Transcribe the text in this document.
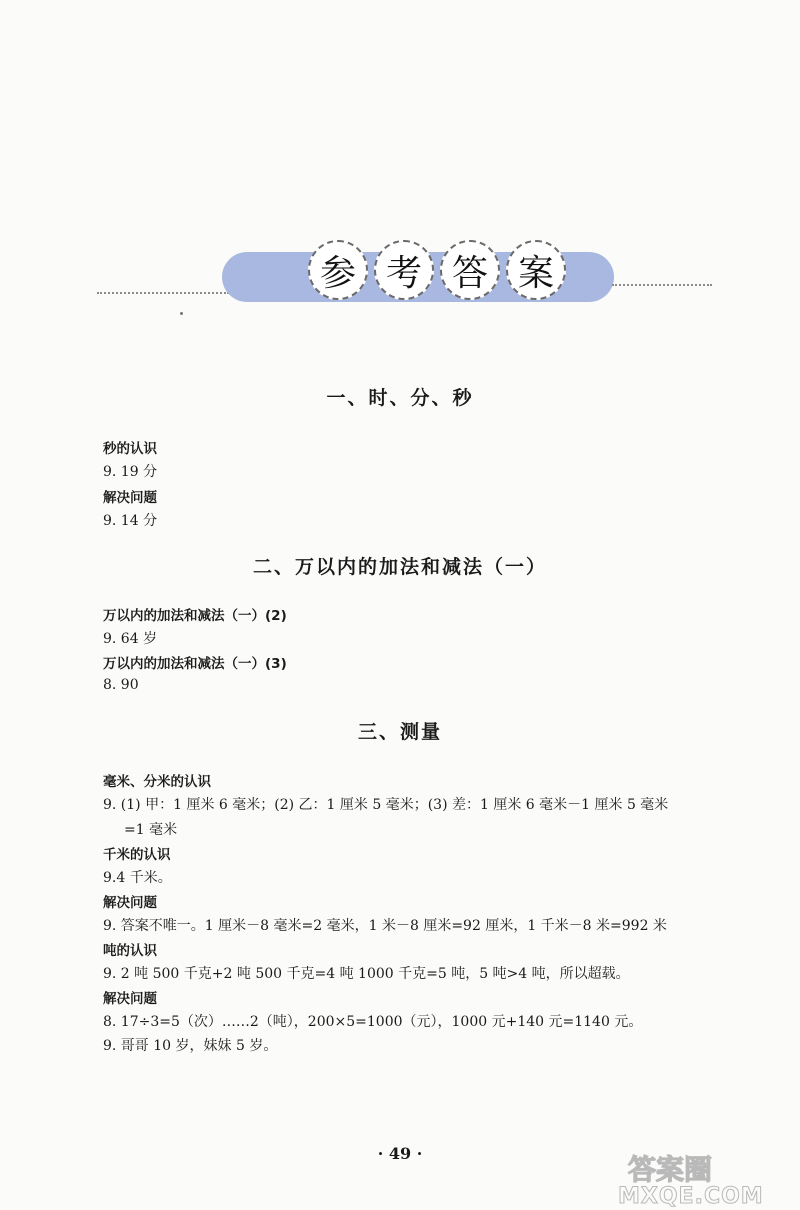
参 考 答 案
一、时、分、秒
秒的认识
9. 19 分
解决问题
9. 14 分
二、万以内的加法和减法（一）
万以内的加法和减法（一）(2)
9. 64 岁
万以内的加法和减法（一）(3)
8. 90
三、测量
毫米、分米的认识
9. (1) 甲：1 厘米 6 毫米；(2) 乙：1 厘米 5 毫米；(3) 差：1 厘米 6 毫米－1 厘米 5 毫米
=1 毫米
千米的认识
9.4 千米。
解决问题
9. 答案不唯一。1 厘米－8 毫米=2 毫米，1 米－8 厘米=92 厘米，1 千米－8 米=992 米
吨的认识
9. 2 吨 500 千克+2 吨 500 千克=4 吨 1000 千克=5 吨，5 吨>4 吨，所以超载。
解决问题
8. 17÷3=5（次）……2（吨），200×5=1000（元），1000 元+140 元=1140 元。
9. 哥哥 10 岁，妹妹 5 岁。
· 49 ·	答案圈
MXQE.COM
